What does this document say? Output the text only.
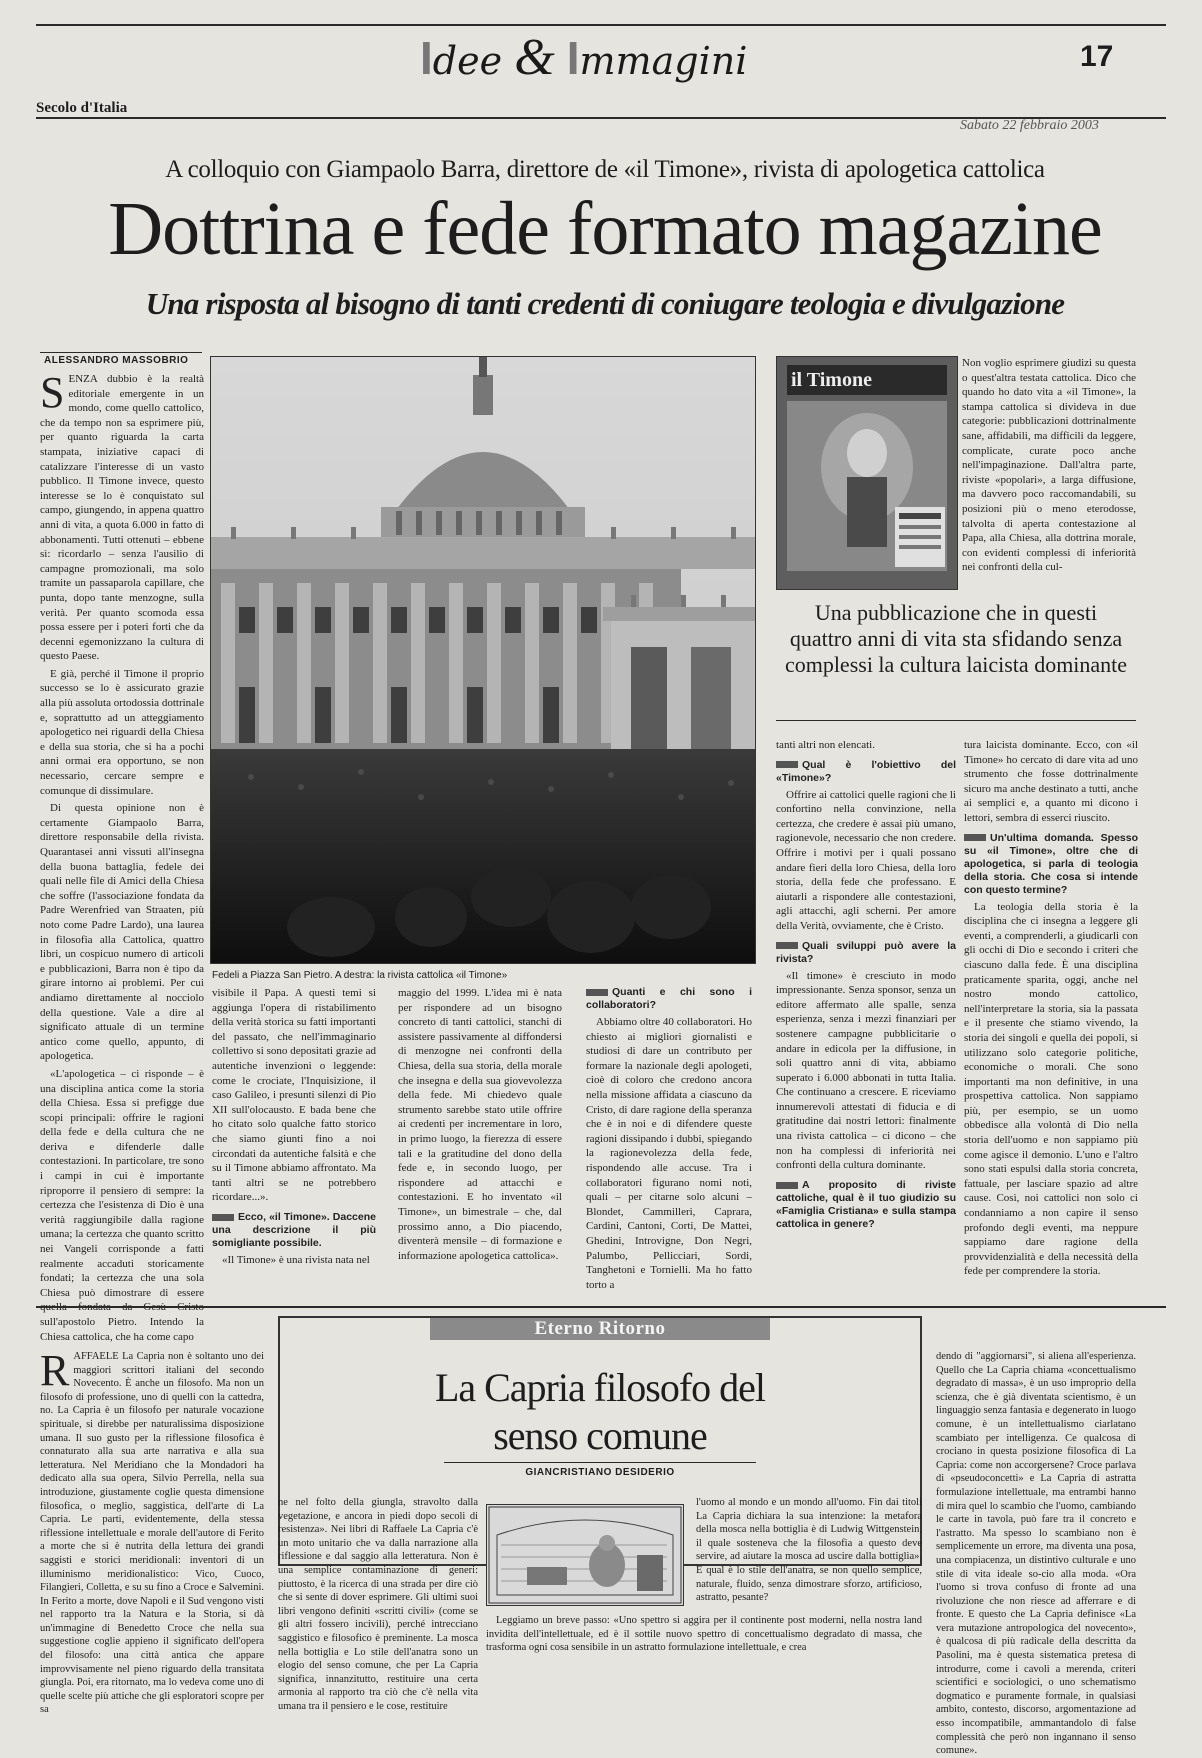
Idee & Immagini	17
Secolo d'Italia
Sabato 22 febbraio 2003
A colloquio con Giampaolo Barra, direttore de «il Timone», rivista di apologetica cattolica
Dottrina e fede formato magazine
Una risposta al bisogno di tanti credenti di coniugare teologia e divulgazione
ALESSANDRO MASSOBRIO

SENZA dubbio è la realtà editoriale emergente in un mondo, come quello cattolico, che da tempo non sa esprimere più, per quanto riguarda la carta stampata, iniziative capaci di catalizzare l'interesse di un vasto pubblico. Il Timone invece, questo interesse se lo è conquistato sul campo, giungendo, in appena quattro anni di vita, a quota 6.000 in fatto di abbonamenti. Tutti ottenuti – ebbene sì: ricordarlo – senza l'ausilio di campagne promozionali, ma solo tramite un passaparola capillare, che punta, dopo tante menzogne, sulla verità. Per quanto scomoda essa possa essere per i poteri forti che da decenni egemonizzano la cultura di questo Paese.

E già, perché il Timone il proprio successo se lo è assicurato grazie alla più assoluta ortodossia dottrinale e, soprattutto ad un atteggiamento apologetico nei riguardi della Chiesa e della sua storia, che si ha a pochi anni ormai era opportuno, se non necessario, cercare sempre e comunque di dissimulare.

Di questa opinione non è certamente Giampaolo Barra, direttore responsabile della rivista. Quarantasei anni vissuti all'insegna della buona battaglia, fedele dei quali nelle file di Amici della Chiesa che soffre (l'associazione fondata da Padre Werenfried van Straaten, più noto come Padre Lardo), una laurea in filosofia alla Cattolica, quattro libri, un cospicuo numero di articoli e pubblicazioni, Barra non è tipo da girare intorno ai problemi. Per cui andiamo direttamente al nocciolo della questione. Vale a dire al significato attuale di un termine antico come quello, appunto, di apologetica.

«L'apologetica – ci risponde – è una disciplina antica come la storia della Chiesa. Essa si prefigge due scopi principali: offrire le ragioni della fede e della cultura che ne deriva e difenderle dalle contestazioni. In particolare, tre sono i campi in cui è importante riproporre il pensiero di sempre: la certezza che l'esistenza di Dio è una verità raggiungibile dalla ragione umana; la certezza che quanto scritto nei Vangeli corrisponde a fatti realmente accaduti storicamente fondati; la certezza che una sola Chiesa può dimostrare di essere sull'apostolo Pietro. Intendo la Chiesa cattolica, che ha come capo

Fedeli a Piazza San Pietro. A destra: la rivista cattolica «il Timone»
il Timone

Non voglio esprimere giudizi su questa o quest'altra testata cattolica. Dico che quando ho dato vita a «il Timone», la stampa cattolica si divideva in due categorie: pubblicazioni dottrinalmente sane, affidabili, ma difficili da leggere, complicate, curate poco anche nell'impaginazione. Dall'altra parte, riviste «popolari», a larga diffusione, ma davvero poco raccomandabili, su posizioni più o meno eterodosse, talvolta di aperta contestazione al Papa, alla Chiesa, alla dottrina morale, con evidenti complessi di inferiorità nei confronti della cul-

Una pubblicazione che in questi quattro anni di vita sta sfidando senza complessi la cultura laicista dominante

visibile il Papa. A questi temi si aggiunga l'opera di ristabilimento della verità storica su fatti importanti del passato, che nell'immaginario collettivo si sono depositati grazie ad autentiche invenzioni o leggende: come le crociate, l'Inquisizione, il caso Galileo, i presunti silenzi di Pio XII sull'olocausto. E bada bene che ho citato solo qualche fatto storico che siamo giunti fino a noi circondati da autentiche falsità e che su il Timone abbiamo affrontato. Ma tanti altri se ne potrebbero ricordare...».

Ecco, «il Timone». Daccene una descrizione il più somigliante possibile.

«Il Timone» è una rivista nata nel

maggio del 1999. L'idea mi è nata per rispondere ad un bisogno concreto di tanti cattolici, stanchi di assistere passivamente al diffondersi di menzogne nei confronti della Chiesa, della sua storia, della morale che insegna e della sua giovevolezza della fede. Mi chiedevo quale strumento sarebbe stato utile offrire ai credenti per incrementare in loro, in primo luogo, la fierezza di essere tali e la gratitudine del dono della fede e, in secondo luogo, per rispondere ad attacchi e contestazioni. E ho inventato «il Timone», un bimestrale – che, dal prossimo anno, a Dio piacendo, diventerà mensile – di formazione e informazione apologetica cattolica».

Quanti e chi sono i collaboratori?

Abbiamo oltre 40 collaboratori. Ho chiesto ai migliori giornalisti e studiosi di dare un contributo per formare la nazionale degli apologeti, cioè di coloro che credono ancora nella missione affidata a ciascuno da Cristo, di dare ragione della speranza che è in noi e di difendere queste ragioni dissipando i dubbi, spiegando la ragionevolezza della fede, rispondendo alle accuse. Tra i collaboratori figurano nomi noti, quali – per citarne solo alcuni – Blondet, Cammilleri, Caprara, Cardini, Cantoni, Corti, De Mattei, Ghedini, Introvigne, Don Negri, Palumbo, Pellicciari, Sordi, Tanghetoni e Tornielli. Ma ho fatto torto a

tanti altri non elencati.

Qual è l'obiettivo del «Timone»?

Offrire ai cattolici quelle ragioni che li confortino nella convinzione, nella certezza, che credere è assai più umano, ragionevole, necessario che non credere. Offrire i motivi per i quali possano andare fieri della loro Chiesa, della loro storia, della fede che professano. E aiutarli a rispondere alle contestazioni, agli attacchi, agli scherni. Per amore della Verità, ovviamente, che è Cristo.

Quali sviluppi può avere la rivista?

«Il timone» è cresciuto in modo impressionante. Senza sponsor, senza un editore affermato alle spalle, senza esperienza, senza i mezzi finanziari per sostenere campagne pubblicitarie o andare in edicola per la diffusione, in soli quattro anni di vita, abbiamo superato i 6.000 abbonati in tutta Italia. Che continuano a crescere. E riceviamo innumerevoli attestati di fiducia e di gratitudine dai nostri lettori: finalmente una rivista cattolica – ci dicono – che non ha complessi di inferiorità nei confronti della cultura dominante.

A proposito di riviste cattoliche, qual è il tuo giudizio su «Famiglia Cristiana» e sulla stampa cattolica in genere?

tura laicista dominante. Ecco, con «il Timone» ho cercato di dare vita ad uno strumento che fosse dottrinalmente sicuro ma anche destinato a tutti, anche ai semplici e, a quanto mi dicono i lettori, sembra di esserci riuscito.

Un'ultima domanda. Spesso su «il Timone», oltre che di apologetica, si parla di teologia della storia. Che cosa si intende con questo termine?

La teologia della storia è la disciplina che ci insegna a leggere gli eventi, a comprenderli, a giudicarli con gli occhi di Dio e secondo i criteri che ciascuno dalla fede. È una disciplina praticamente sparita, oggi, anche nel nostro mondo cattolico, nell'interpretare la storia, sia la passata e il presente che stiamo vivendo, la storia dei singoli e quella dei popoli, si utilizzano solo categorie politiche, economiche o morali. Che sono importanti ma non definitive, in una prospettiva cattolica. Non sappiamo più, per esempio, se un uomo obbedisce alla volontà di Dio nella storia dell'uomo e non sappiamo più come agisce il demonio. L'uno e l'altro sono stati espulsi dalla storia concreta, fattuale, per lasciare spazio ad altre cause. Così, noi cattolici non solo ci condanniamo a non capire il senso profondo degli eventi, ma neppure sappiamo dare ragione della provvidenzialità e della necessità della fede per comprendere la storia.

Eterno Ritorno
La Capria filosofo del senso comune
GIANCRISTIANO DESIDERIO

RAFFAELE La Capria non è soltanto uno dei maggiori scrittori italiani del secondo Novecento. È anche un filosofo. Ma non un filosofo di professione, uno di quelli con la cattedra, no. La Capria è un filosofo per naturale vocazione spirituale, si direbbe per naturalissima disposizione umana. Il suo gusto per la riflessione filosofica è connaturato alla sua arte narrativa e alla sua letteratura. Nel Meridiano che la Mondadori ha dedicato alla sua opera, Silvio Perrella, nella sua introduzione, giustamente coglie questa dimensione filosofica, o meglio, saggistica, dell'arte di La Capria. Le parti, evidentemente, della stessa riflessione intellettuale e morale dell'autore di Ferito a morte che si è nutrita della lettura dei grandi saggisti e storici meridionali: inventori di un illuminismo meridionalistico: Vico, Cuoco, Filangieri, Colletta, e su su fino a Croce e Salvemini. In Ferito a morte, dove Napoli e il Sud vengono visti nel rapporto tra la Natura e la Storia, si dà un'immagine di Benedetto Croce che nella sua suggestione coglie appieno il significato dell'opera del filosofo: una città antica che appare improvvisamente nel pieno riguardo della transitata giungla. Poi, era ritornato, ma lo vedeva come uno di quelle scelte più attiche che gli esploratori scopre per sa

ne nel folto della giungla, stravolto dalla vegetazione, e ancora in piedi dopo secoli di resistenza». Nei libri di Raffaele La Capria c'è un moto unitario che va dalla narrazione alla riflessione e dal saggio alla letteratura. Non è una semplice contaminazione di generi: piuttosto, è la ricerca di una strada per dire ciò che si sente di dover esprimere. Gli ultimi suoi libri vengono definiti «scritti civili» (come se gli altri fossero incivili), perché intrecciano saggistico e filosofico è preminente. La mosca nella bottiglia e Lo stile dell'anatra sono un elogio del senso comune, che per La Capria significa, innanzitutto, restituire una certa armonia al rapporto tra ciò che c'è nella vita umana tra il pensiero e le cose, restituire

l'uomo al mondo e un mondo all'uomo. Fin dai titoli La Capria dichiara la sua intenzione: la metafora della mosca nella bottiglia è di Ludwig Wittgenstein, il quale sosteneva che la filosofia a questo deve servire, ad aiutare la mosca ad uscire dalla bottiglia». E qual è lo stile dell'anatra, se non quello semplice, naturale, fluido, senza dimostrare sforzo, artificioso, astratto, pesante?

Leggiamo un breve passo: «Uno spettro si aggira per il continente post moderni, nella nostra land invidita dell'intellettuale, ed è il sottile nuovo spettro di concettualismo degradato di massa, che trasforma ogni cosa sensibile in un astratto formulazione intellettuale, e crea

dendo di "aggiornarsi", si aliena all'esperienza. Quello che La Capria chiama «concettualismo degradato di massa», è un uso improprio della scienza, che è già diventata scientismo, è un linguaggio senza fantasia e degenerato in luogo comune, è un intellettualismo ciarlatano scambiato per intelligenza. Ce qualcosa di crociano in questa posizione filosofica di La Capria: come non accorgersene? Croce parlava di «pseudoconcetti» e La Capria di astratta formulazione intellettuale, ma entrambi hanno di mira quel lo scambio che l'uomo, cambiando le carte in tavola, può fare tra il concreto e l'astratto. Ma spesso lo scambiano non è semplicemente un errore, ma diventa una posa, una compiacenza, un distintivo culturale e uno stile di vita ideale so-cio alla moda. «Ora l'uomo si trova confuso di fronte ad una rivoluzione che non riesce ad afferrare e di fronte. E questo che La Capria definisce «La vera mutazione antropologica del novecento», è qualcosa di più radicale della descritta da Pasolini, ma è questa sistematica pretesa di introdurre, come i cavoli a merenda, criteri scientifici e sociologici, o uno schematismo dogmatico e puramente formale, in qualsiasi ambito, contesto, discorso, argomentazione ad esso incompatibile, ammantandolo di false complessità che però non ingannano il senso comune».
